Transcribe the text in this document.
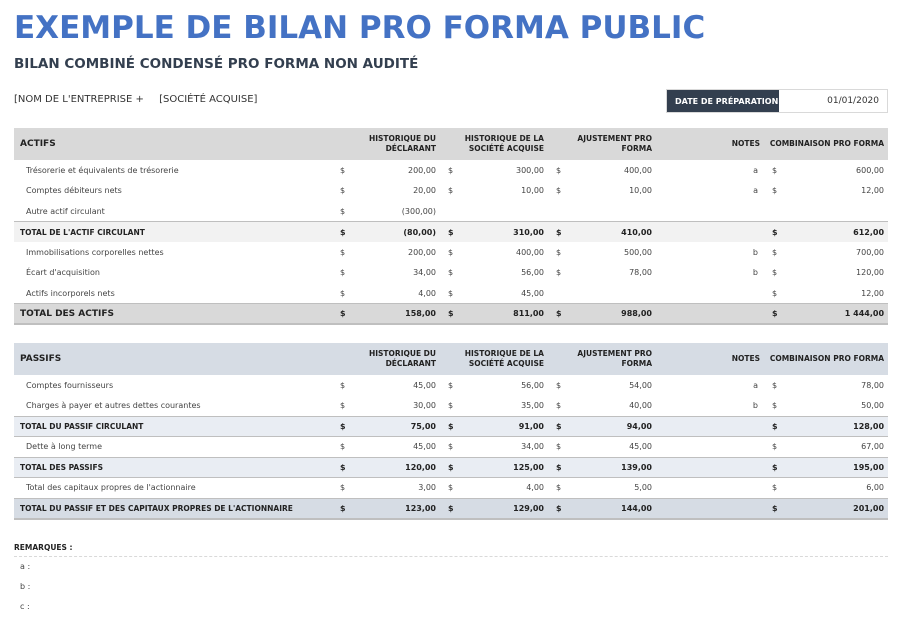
EXEMPLE DE BILAN PRO FORMA PUBLIC
BILAN COMBINÉ CONDENSÉ PRO FORMA NON AUDITÉ
[NOM DE L'ENTREPRISE + [SOCIÉTÉ ACQUISE]	DATE DE PRÉPARATION	01/01/2020
ACTIFS	HISTORIQUE DU DÉCLARANT		HISTORIQUE DE LA SOCIÉTÉ ACQUISE		AJUSTEMENT PRO FORMA		NOTES	COMBINAISON PRO FORMA	
Trésorerie et équivalents de trésorerie	$	200,00	$	300,00	$	400,00	a	$	600,00
Comptes débiteurs nets	$	20,00	$	10,00	$	10,00	a	$	12,00
Autre actif circulant	$	(300,00)							
TOTAL DE L'ACTIF CIRCULANT	$	(80,00)	$	310,00	$	410,00		$	612,00
Immobilisations corporelles nettes	$	200,00	$	400,00	$	500,00	b	$	700,00
Écart d'acquisition	$	34,00	$	56,00	$	78,00	b	$	120,00
Actifs incorporels nets	$	4,00	$	45,00				$	12,00
TOTAL DES ACTIFS	$	158,00	$	811,00	$	988,00		$	1 444,00
PASSIFS	HISTORIQUE DU DÉCLARANT		HISTORIQUE DE LA SOCIÉTÉ ACQUISE		AJUSTEMENT PRO FORMA		NOTES	COMBINAISON PRO FORMA	
Comptes fournisseurs	$	45,00	$	56,00	$	54,00	a	$	78,00
Charges à payer et autres dettes courantes	$	30,00	$	35,00	$	40,00	b	$	50,00
TOTAL DU PASSIF CIRCULANT	$	75,00	$	91,00	$	94,00		$	128,00
Dette à long terme	$	45,00	$	34,00	$	45,00		$	67,00
TOTAL DES PASSIFS	$	120,00	$	125,00	$	139,00		$	195,00
Total des capitaux propres de l'actionnaire	$	3,00	$	4,00	$	5,00		$	6,00
TOTAL DU PASSIF ET DES CAPITAUX PROPRES DE L'ACTIONNAIRE	$	123,00	$	129,00	$	144,00		$	201,00
REMARQUES :
a :
b :
c :
